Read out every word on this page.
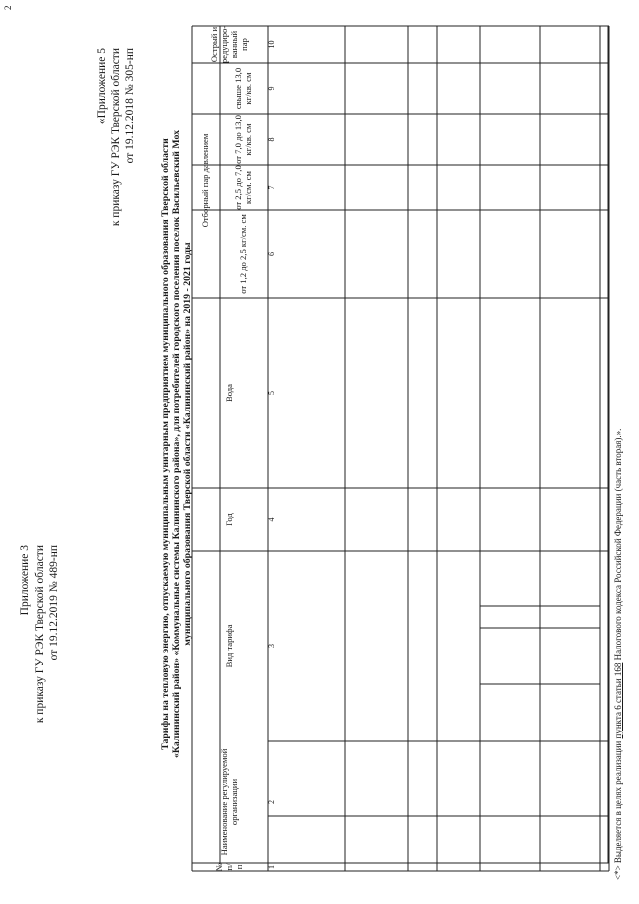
2
Приложение 3 к приказу ГУ РЭК Тверской области от 19.12.2019 № 489-нп
«Приложение 5 к приказу ГУ РЭК Тверской области от 19.12.2018 № 305-нп
Тарифы на тепловую энергию, отпускаемую муниципальным унитарным предприятием муниципального образования Тверской области «Калининский район» «Коммунальные системы Калининского района», для потребителей городского поселения поселок Васильевский Мох муниципального образования Тверской области «Калининский район» на 2019 - 2021 годы
№ п/п
Наименование регулируемой организации
Вид тарифа
Год
Вода
Отборный пар давлением
от 1,2 до 2,5 кг/см. см
от 2,5 до 7,0 кг/см. см
от 7,0 до 13,0 кг/кв. см
свыше 13,0 кг/кв. см
Острый и редуциро-ванный пар
1
2
3
4
5
6
7
8
9
10
<*> Выделяется в целях реализации пункта 6 статьи 168 Налогового кодекса Российской Федерации (часть вторая).».
